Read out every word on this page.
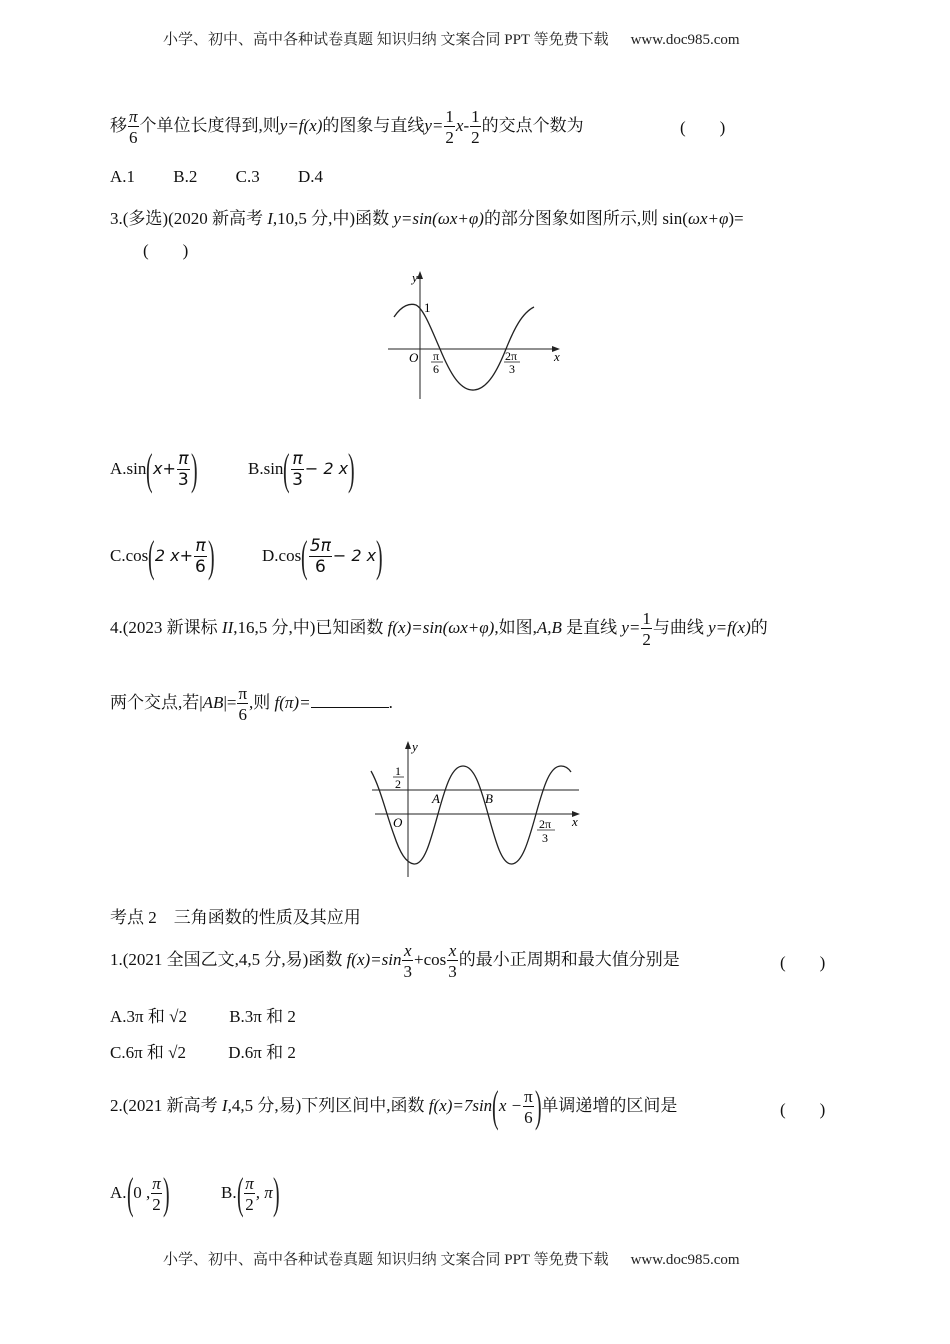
小学、初中、高中各种试卷真题 知识归纳 文案合同 PPT 等免费下载 www.doc985.com
移 $\frac{\pi}{6}$ 个单位长度得到,则y=f(x)的图象与直线$y= \frac{1}{2} x- \frac{1}{2}$ 的交点个数为	(        )
A.1 B.2 C.3 D.4
3.(多选)(2020 新高考 I,10,5 分,中)函数 y=sin(ωx+φ)的部分图象如图所示,则 sin(ωx+φ)=
(        )
y
x
1
O π
6
2π
3
$A.\sin(x+ \frac{\pi}{3}$ )	$B.\sin( \frac{\pi}{3} - 2$ x)
C.cos(2 $x+ \frac{\pi}{6}$ )	$D.\cos( \frac{5\pi}{6} - 2$ x)
4.(2023 新课标 II,16,5 分,中)已知函数 f(x)=sin(ωx+φ),如图,A,B 是直线 $y= \frac{1}{2}$ 与曲线 y=f(x)的
两个交点,若$|AB|= \frac{\pi}{6}$ ,则 f(π)=	.
y
x
1
2
O
A	B
2π
3
考点 2    三角函数的性质及其应用
1.(2021 全国乙文,4,5 分,易)函数 $f(x)=\sin \frac{x}{3} +\cos \frac{x}{3}$ 的最小正周期和最大值分别是	(        )
A.3π 和 √2 B.3π 和 2
C.6π 和 √2 D.6π 和 2
2.(2021 新高考 I,4,5 分,易)下列区间中,函数 $f(x)=7\sin(x - \frac{\pi}{6}$ )单调递增的区间是	(        )
A.(0 , $\frac{\pi}{2}$ )	$B.( \frac{\pi}{2}$ , π)
小学、初中、高中各种试卷真题 知识归纳 文案合同 PPT 等免费下载 www.doc985.com
